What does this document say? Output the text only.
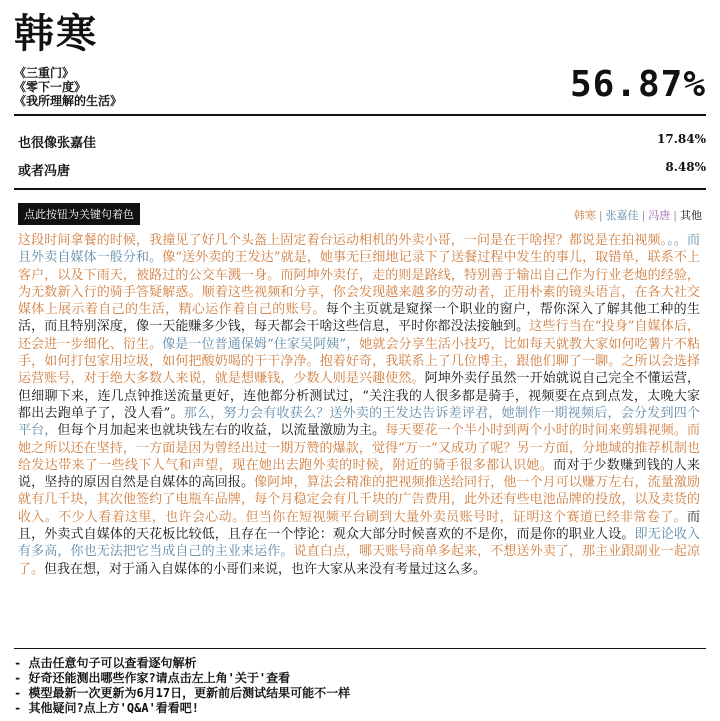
韩寒
《三重门》
《零下一度》
《我所理解的生活》	56.87%
也很像张嘉佳	17.84%
或者冯唐	8.48%
点此按钮为关键句着色	韩寒 | 张嘉佳 | 冯唐 | 其他
这段时间拿餐的时候，我撞见了好几个头盔上固定着台运动相机的外卖小哥，一问是在干啥捏？都说是在拍视频。。。而且外卖自媒体一般分和。像“送外卖的王发达”就是，她事无巨细地记录下了送餐过程中发生的事儿，取错单，联系不上客户，以及下雨天，被路过的公交车溅一身。而阿坤外卖仔，走的则是路线，特别善于输出自己作为行业老炮的经验，为无数新入行的骑手答疑解惑。顺着这些视频和分享，你会发现越来越多的劳动者，正用朴素的镜头语言，在各大社交媒体上展示着自己的生活，精心运作着自己的账号。每个主页就是窥探一个职业的窗户，帮你深入了解其他工种的生活，而且特别深度，像一天能赚多少钱，每天都会干啥这些信息，平时你都没法接触到。这些行当在“投身”自媒体后，还会进一步细化、衍生。像是一位普通保姆“住家吴阿姨”，她就会分享生活小技巧，比如每天就教大家如何吃薯片不粘手，如何打包家用垃圾，如何把酸奶喝的干干净净。抱着好奇，我联系上了几位博主，跟他们聊了一聊。之所以会选择运营账号，对于绝大多数人来说，就是想赚钱，少数人则是兴趣使然。阿坤外卖仔虽然一开始就说自己完全不懂运营，但细聊下来，连几点钟推送流量更好，连他都分析测试过，“关注我的人很多都是骑手，视频要在点到点发，太晚大家都出去跑单子了，没人看”。那么，努力会有收获么？送外卖的王发达告诉差评君，她制作一期视频后，会分发到四个平台，但每个月加起来也就块钱左右的收益，以流量激励为主。每天要花一个半小时到两个小时的时间来剪辑视频。而她之所以还在坚持，一方面是因为曾经出过一期万赞的爆款，觉得“万一”又成功了呢？另一方面，分地域的推荐机制也给发达带来了一些线下人气和声望，现在她出去跑外卖的时候，附近的骑手很多都认识她。而对于少数赚到钱的人来说，坚持的原因自然是自媒体的高回报。像阿坤，算法会精准的把视频推送给同行，他一个月可以赚万左右，流量激励就有几千块，其次他签约了电瓶车品牌，每个月稳定会有几千块的广告费用，此外还有些电池品牌的投放，以及卖货的收入。不少人看着这里，也许会心动。但当你在短视频平台刷到大量外卖员账号时，证明这个赛道已经非常卷了。而且，外卖式自媒体的天花板比较低，且存在一个悖论：观众大部分时候喜欢的不是你，而是你的职业人设。即无论收入有多高，你也无法把它当成自己的主业来运作。说直白点，哪天账号商单多起来，不想送外卖了，那主业跟副业一起凉了。但我在想，对于涌入自媒体的小哥们来说，也许大家从来没有考量过这么多。
- 点击任意句子可以查看逐句解析
- 好奇还能测出哪些作家?请点击左上角'关于'查看
- 模型最新一次更新为6月17日，更新前后测试结果可能不一样
- 其他疑问?点上方'Q&A'看看吧!
